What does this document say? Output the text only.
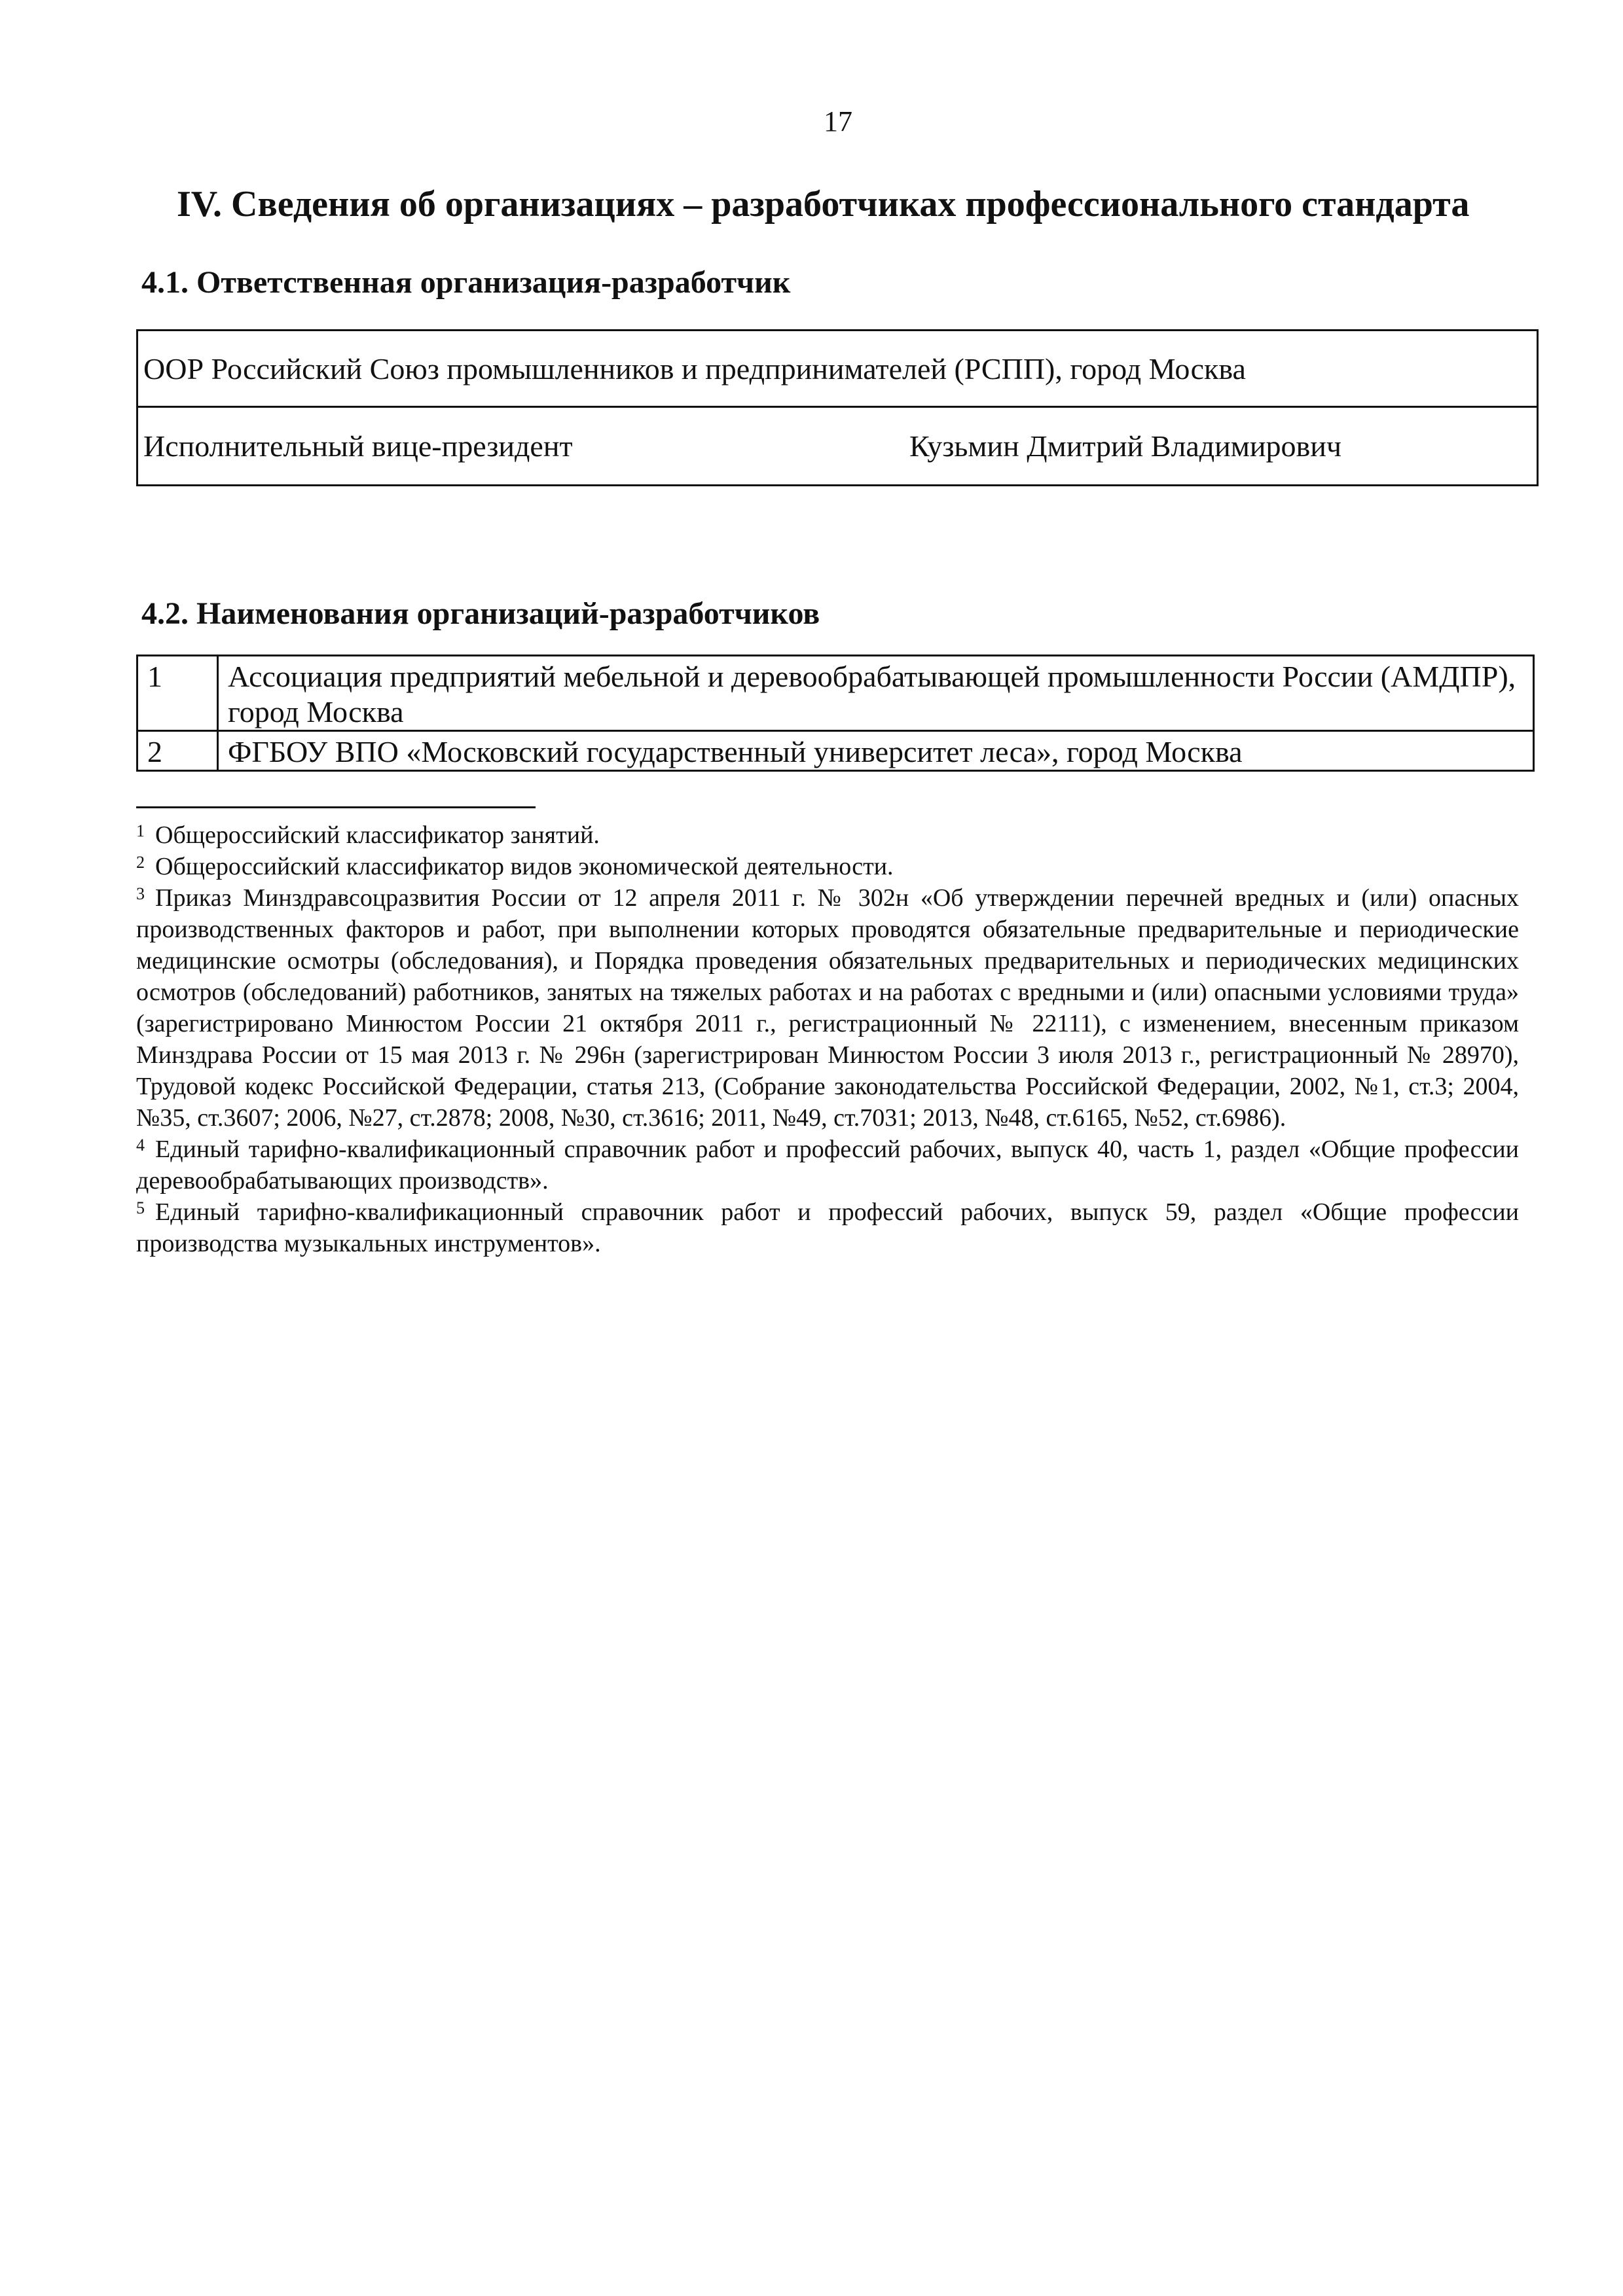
17
IV. Сведения об организациях – разработчиках профессионального стандарта
4.1. Ответственная организация-разработчик
ООР Российский Союз промышленников и предпринимателей (РСПП), город Москва
Исполнительный вице-президент	Кузьмин Дмитрий Владимирович
4.2. Наименования организаций-разработчиков
1	Ассоциация предприятий мебельной и деревообрабатывающей промышленности России (АМДПР), город Москва
2	ФГБОУ ВПО «Московский государственный университет леса», город Москва

$^1$ Общероссийский классификатор занятий.

$^2$ Общероссийский классификатор видов экономической деятельности.

$^3$ Приказ Минздравсоцразвития России от 12 апреля 2011 г. № 302н «Об утверждении перечней вредных и (или) опасных производственных факторов и работ, при выполнении которых проводятся обязательные предварительные и периодические медицинские осмотры (обследования), и Порядка проведения обязательных предварительных и периодических медицинских осмотров (обследований) работников, занятых на тяжелых работах и на работах с вредными и (или) опасными условиями труда» (зарегистрировано Минюстом России 21 октября 2011 г., регистрационный № 22111), с изменением, внесенным приказом Минздрава России от 15 мая 2013 г. № 296н (зарегистрирован Минюстом России 3 июля 2013 г., регистрационный № 28970), Трудовой кодекс Российской Федерации, статья 213, (Собрание законодательства Российской Федерации, 2002, №1, ст.3; 2004, №35, ст.3607; 2006, №27, ст.2878; 2008, №30, ст.3616; 2011, №49, ст.7031; 2013, №48, ст.6165, №52, ст.6986).

$^4$ Единый тарифно-квалификационный справочник работ и профессий рабочих, выпуск 40, часть 1, раздел «Общие профессии деревообрабатывающих производств».

$^5$ Единый тарифно-квалификационный справочник работ и профессий рабочих, выпуск 59, раздел «Общие профессии производства музыкальных инструментов».
